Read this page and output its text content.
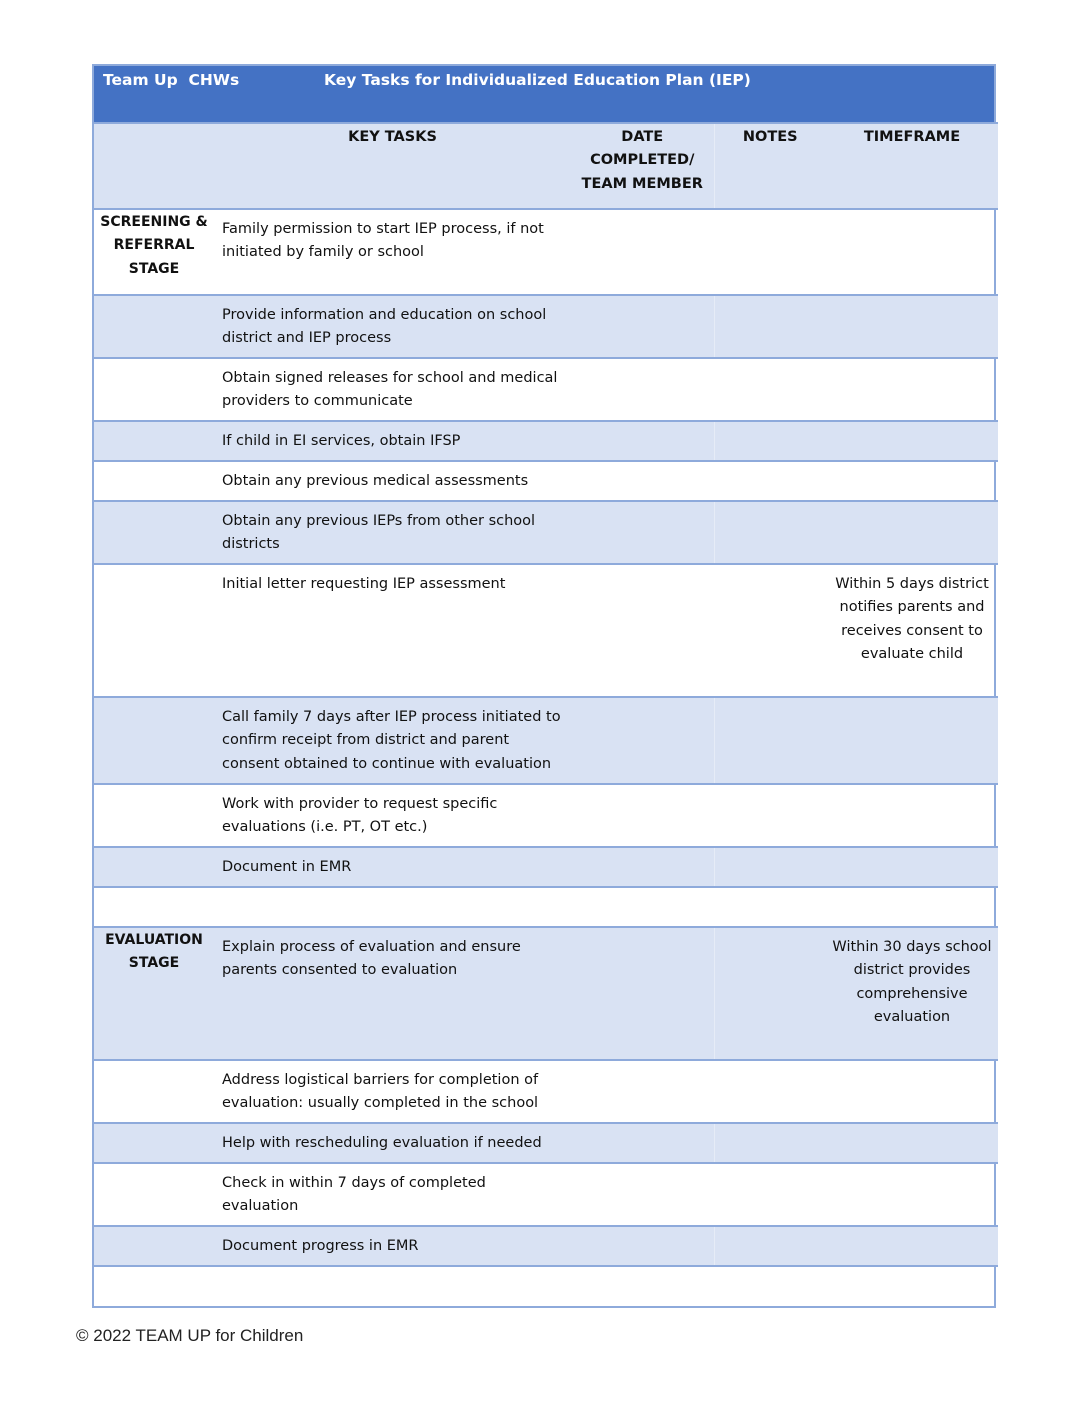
Team Up  CHWs	Key Tasks for Individualized Education Plan (IEP)
	KEY TASKS	DATE COMPLETED/ TEAM MEMBER	NOTES	TIMEFRAME
SCREENING & REFERRAL STAGE	Family permission to start IEP process, if not initiated by family or school			
	Provide information and education on school district and IEP process			
	Obtain signed releases for school and medical providers to communicate			
	If child in EI services, obtain IFSP			
	Obtain any previous medical assessments			
	Obtain any previous IEPs from other school districts			
	Initial letter requesting IEP assessment			Within 5 days district notifies parents and receives consent to evaluate child
	Call family 7 days after IEP process initiated to confirm receipt from district and parent consent obtained to continue with evaluation			
	Work with provider to request specific evaluations (i.e. PT, OT etc.)			
	Document in EMR			

EVALUATION STAGE	Explain process of evaluation and ensure parents consented to evaluation			Within 30 days school district provides comprehensive evaluation
	Address logistical barriers for completion of evaluation: usually completed in the school			
	Help with rescheduling evaluation if needed			
	Check in within 7 days of completed evaluation			
	Document progress in EMR			

© 2022 TEAM UP for Children
